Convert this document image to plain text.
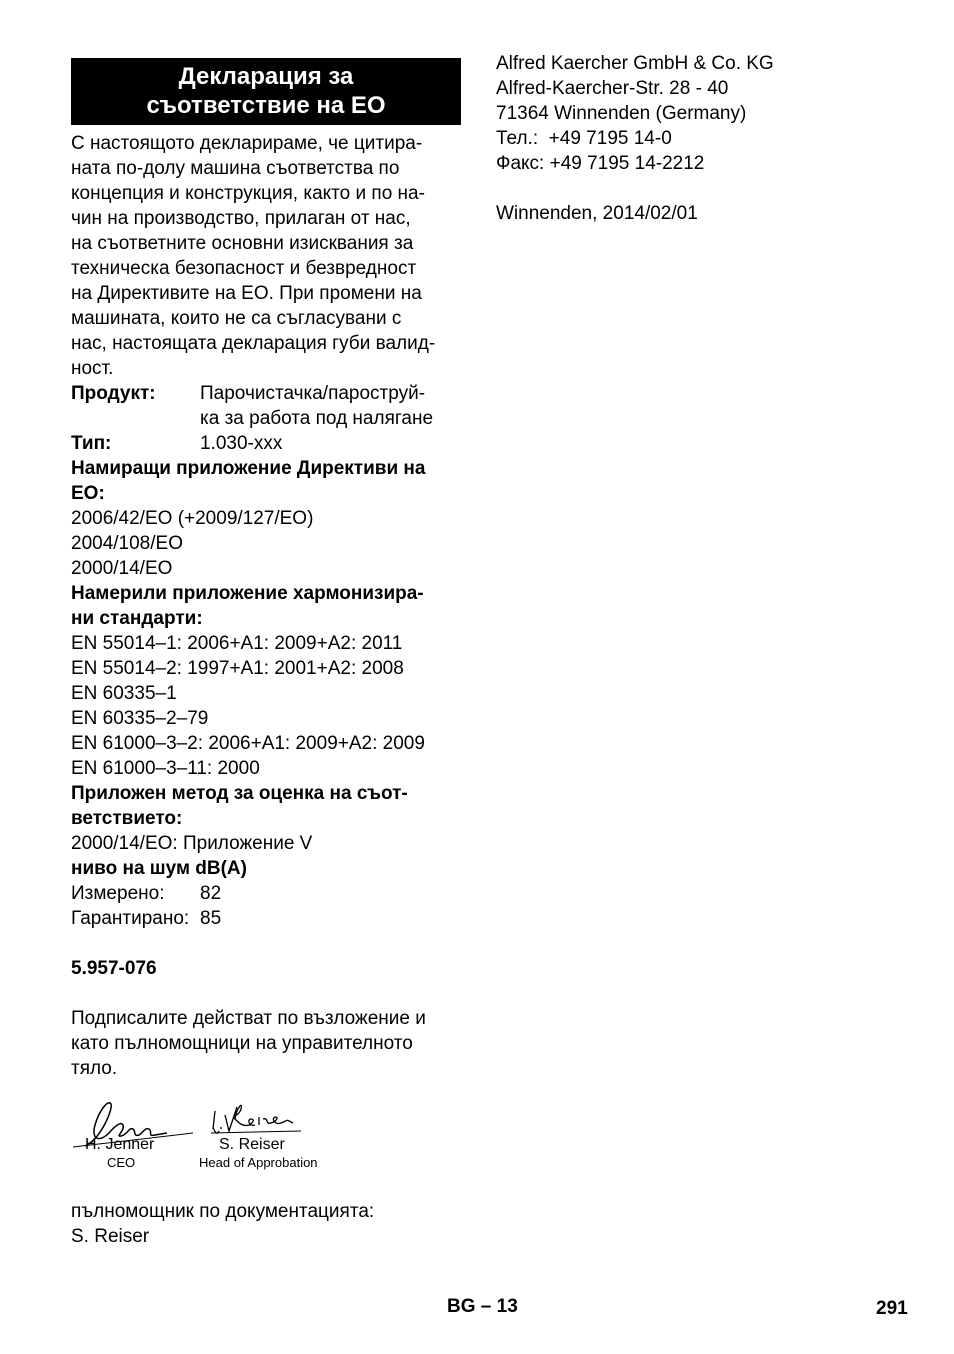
Декларация за
съответствие на ЕО

С настоящото декларираме, че цитира-

ната по-долу машина съответства по

концепция и конструкция, както и по на-

чин на производство, прилаган от нас,

на съответните основни изисквания за

техническа безопасност и безвредност

на Директивите на ЕО. При промени на

машината, които не са съгласувани с

нас, настоящата декларация губи валид-

ност.

Продукт:	Парочистачка/пароструй-
ка за работа под налягане
Тип:	1.030-xxx

Намиращи приложение Директиви на

ЕО:

2006/42/ЕО (+2009/127/ЕО)

2004/108/ЕО

2000/14/ЕО

Намерили приложение хармонизира-

ни стандарти:

EN 55014–1: 2006+A1: 2009+A2: 2011

EN 55014–2: 1997+A1: 2001+A2: 2008

EN 60335–1

EN 60335–2–79

EN 61000–3–2: 2006+A1: 2009+A2: 2009

EN 61000–3–11: 2000

Приложен метод за оценка на съот-

ветствието:

2000/14/ЕО: Приложение V

ниво на шум dB(A)

Измерено:	82
Гарантирано: 85

5.957-076

Подписалите действат по възложение и

като пълномощници на управителното

тяло.

H. Jenner
CEO
S. Reiser
Head of Approbation

пълномощник по документацията:

S. Reiser

Alfred Kaercher GmbH & Co. KG

Alfred-Kaercher-Str. 28 - 40

71364 Winnenden (Germany)

Тел.:  +49 7195 14-0

Факс: +49 7195 14-2212

Winnenden, 2014/02/01

BG – 13	291
